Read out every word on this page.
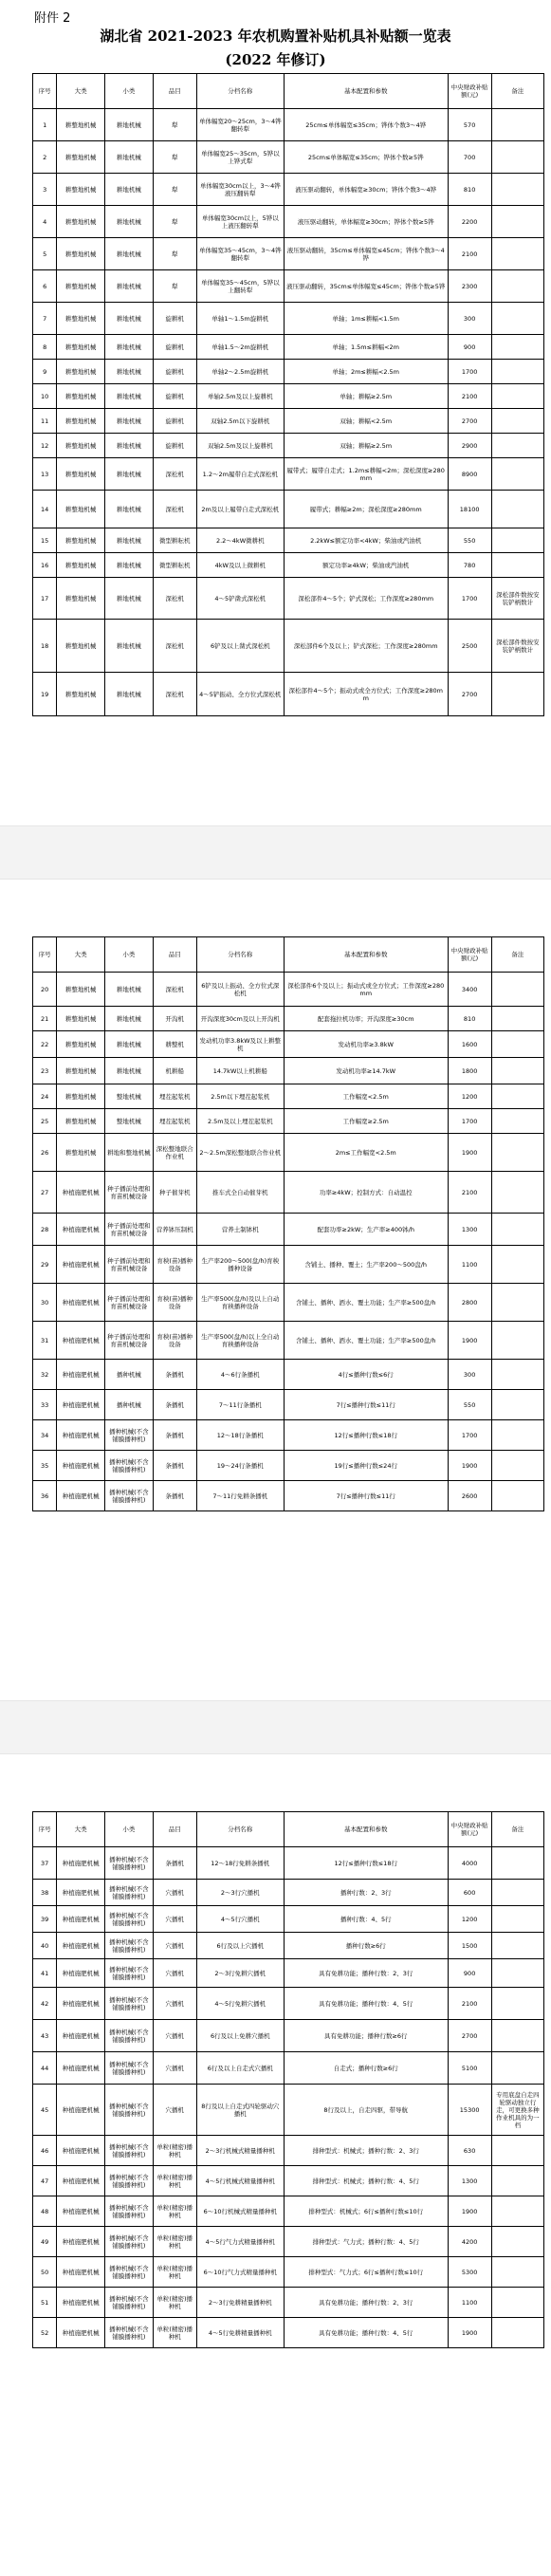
附件 2
湖北省 2021-2023 年农机购置补贴机具补贴额一览表
(2022 年修订)
序号	大类	小类	品目	分档名称	基本配置和参数	中央财政补贴额(元)	备注
1	耕整地机械	耕地机械	犁	单体幅宽20～25cm，3～4铧翻转犁	25cm≤单体幅宽≤35cm；铧体个数3～4铧	570	
2	耕整地机械	耕地机械	犁	单体幅宽25～35cm，5铧以上铧式犁	25cm≤单体幅宽≤35cm；铧体个数≥5铧	700	
3	耕整地机械	耕地机械	犁	单体幅宽30cm以上，3～4铧液压翻转犁	液压驱动翻转，单体幅宽≥30cm；铧体个数3～4铧	810	
4	耕整地机械	耕地机械	犁	单体幅宽30cm以上，5铧以上液压翻转犁	液压驱动翻转，单体幅宽≥30cm；铧体个数≥5铧	2200	
5	耕整地机械	耕地机械	犁	单体幅宽35～45cm，3～4铧翻转犁	液压驱动翻转，35cm≤单体幅宽≤45cm；铧体个数3～4铧	2100	
6	耕整地机械	耕地机械	犁	单体幅宽35～45cm，5铧以上翻转犁	液压驱动翻转，35cm≤单体幅宽≤45cm；铧体个数≥5铧	2300	
7	耕整地机械	耕地机械	旋耕机	单轴1～1.5m旋耕机	单轴；1m≤耕幅<1.5m	300	
8	耕整地机械	耕地机械	旋耕机	单轴1.5～2m旋耕机	单轴；1.5m≤耕幅<2m	900	
9	耕整地机械	耕地机械	旋耕机	单轴2～2.5m旋耕机	单轴；2m≤耕幅<2.5m	1700	
10	耕整地机械	耕地机械	旋耕机	单轴2.5m及以上旋耕机	单轴；耕幅≥2.5m	2100	
11	耕整地机械	耕地机械	旋耕机	双轴2.5m以下旋耕机	双轴；耕幅<2.5m	2700	
12	耕整地机械	耕地机械	旋耕机	双轴2.5m及以上旋耕机	双轴；耕幅≥2.5m	2900	
13	耕整地机械	耕地机械	深松机	1.2～2m履带自走式深松机	履带式；履带自走式；1.2m≤耕幅<2m；深松深度≥280mm	8900	
14	耕整地机械	耕地机械	深松机	2m及以上履带自走式深松机	履带式；耕幅≥2m；深松深度≥280mm	18100	
15	耕整地机械	耕地机械	微型耕耘机	2.2～4kW微耕机	2.2kW≤额定功率<4kW；柴油或汽油机	550	
16	耕整地机械	耕地机械	微型耕耘机	4kW及以上微耕机	额定功率≥4kW；柴油或汽油机	780	
17	耕整地机械	耕地机械	深松机	4～5铲凿式深松机	深松部件4～5个；铲式深松；工作深度≥280mm	1700	深松部件数按安装铲柄数计
18	耕整地机械	耕地机械	深松机	6铲及以上凿式深松机	深松部件6个及以上；铲式深松；工作深度≥280mm	2500	深松部件数按安装铲柄数计
19	耕整地机械	耕地机械	深松机	4～5铲振动、全方位式深松机	深松部件4～5个；振动式或全方位式；工作深度≥280mm	2700	
序号	大类	小类	品目	分档名称	基本配置和参数	中央财政补贴额(元)	备注
20	耕整地机械	耕地机械	深松机	6铲及以上振动、全方位式深松机	深松部件6个及以上；振动式或全方位式；工作深度≥280mm	3400	
21	耕整地机械	耕地机械	开沟机	开沟深度30cm及以上开沟机	配套拖拉机功率；开沟深度≥30cm	810	
22	耕整地机械	耕地机械	耕整机	发动机功率3.8kW及以上耕整机	发动机功率≥3.8kW	1600	
23	耕整地机械	耕地机械	机耕船	14.7kW以上机耕船	发动机功率≥14.7kW	1800	
24	耕整地机械	整地机械	埋茬起浆机	2.5m以下埋茬起浆机	工作幅宽<2.5m	1200	
25	耕整地机械	整地机械	埋茬起浆机	2.5m及以上埋茬起浆机	工作幅宽≥2.5m	1700	
26	耕整地机械	耕地和整地机械	深松整地联合作业机	2～2.5m深松整地联合作业机	2m≤工作幅宽<2.5m	1900	
27	种植施肥机械	种子播前处理和育苗机械设备	种子催芽机	推车式全自动催芽机	功率≥4kW；控制方式：自动温控	2100	
28	种植施肥机械	种子播前处理和育苗机械设备	营养钵压制机	营养土制钵机	配套功率≥2kW；生产率≥400钵/h	1300	
29	种植施肥机械	种子播前处理和育苗机械设备	育秧(苗)播种设备	生产率200～500(盘/h)育秧播种设备	含铺土、播种、覆土；生产率200～500盘/h	1100	
30	种植施肥机械	种子播前处理和育苗机械设备	育秧(苗)播种设备	生产率500(盘/h)及以上自动育秧播种设备	含铺土、播种、洒水、覆土功能；生产率≥500盘/h	2800	
31	种植施肥机械	种子播前处理和育苗机械设备	育秧(苗)播种设备	生产率500(盘/h)以上全自动育秧播种设备	含铺土、播种、洒水、覆土功能；生产率≥500盘/h	1900	
32	种植施肥机械	播种机械	条播机	4～6行条播机	4行≤播种行数≤6行	300	
33	种植施肥机械	播种机械	条播机	7～11行条播机	7行≤播种行数≤11行	550	
34	种植施肥机械	播种机械(不含铺膜播种机)	条播机	12～18行条播机	12行≤播种行数≤18行	1700	
35	种植施肥机械	播种机械(不含铺膜播种机)	条播机	19～24行条播机	19行≤播种行数≤24行	1900	
36	种植施肥机械	播种机械(不含铺膜播种机)	条播机	7～11行免耕条播机	7行≤播种行数≤11行	2600	
序号	大类	小类	品目	分档名称	基本配置和参数	中央财政补贴额(元)	备注
37	种植施肥机械	播种机械(不含铺膜播种机)	条播机	12～18行免耕条播机	12行≤播种行数≤18行	4000	
38	种植施肥机械	播种机械(不含铺膜播种机)	穴播机	2～3行穴播机	播种行数：2、3行	600	
39	种植施肥机械	播种机械(不含铺膜播种机)	穴播机	4～5行穴播机	播种行数：4、5行	1200	
40	种植施肥机械	播种机械(不含铺膜播种机)	穴播机	6行及以上穴播机	播种行数≥6行	1500	
41	种植施肥机械	播种机械(不含铺膜播种机)	穴播机	2～3行免耕穴播机	具有免耕功能；播种行数：2、3行	900	
42	种植施肥机械	播种机械(不含铺膜播种机)	穴播机	4～5行免耕穴播机	具有免耕功能；播种行数：4、5行	2100	
43	种植施肥机械	播种机械(不含铺膜播种机)	穴播机	6行及以上免耕穴播机	具有免耕功能；播种行数≥6行	2700	
44	种植施肥机械	播种机械(不含铺膜播种机)	穴播机	6行及以上自走式穴播机	自走式；播种行数≥6行	5100	
45	种植施肥机械	播种机械(不含铺膜播种机)	穴播机	8行及以上自走式四轮驱动穴播机	8行及以上，自走四驱，带导航	15300	专用底盘自走四轮驱动独立行走，可更换多种作业机具的为一档
46	种植施肥机械	播种机械(不含铺膜播种机)	单粒(精密)播种机	2～3行机械式精量播种机	排种型式：机械式；播种行数：2、3行	630	
47	种植施肥机械	播种机械(不含铺膜播种机)	单粒(精密)播种机	4～5行机械式精量播种机	排种型式：机械式；播种行数：4、5行	1300	
48	种植施肥机械	播种机械(不含铺膜播种机)	单粒(精密)播种机	6～10行机械式精量播种机	排种型式：机械式；6行≤播种行数≤10行	1900	
49	种植施肥机械	播种机械(不含铺膜播种机)	单粒(精密)播种机	4～5行气力式精量播种机	排种型式：气力式；播种行数：4、5行	4200	
50	种植施肥机械	播种机械(不含铺膜播种机)	单粒(精密)播种机	6～10行气力式精量播种机	排种型式：气力式；6行≤播种行数≤10行	5300	
51	种植施肥机械	播种机械(不含铺膜播种机)	单粒(精密)播种机	2～3行免耕精量播种机	具有免耕功能；播种行数：2、3行	1100	
52	种植施肥机械	播种机械(不含铺膜播种机)	单粒(精密)播种机	4～5行免耕精量播种机	具有免耕功能；播种行数：4、5行	1900	
